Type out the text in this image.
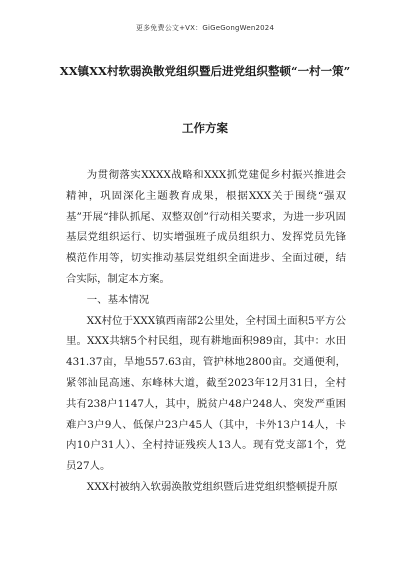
更多免费公文+VX：GiGeGongWen2024
XX镇XX村软弱涣散党组织暨后进党组织整顿“一村一策”
工作方案

为贯彻落实XXXX战略和XXX抓党建促乡村振兴推进会精神，巩固深化主题教育成果，根据XXX关于围绕“强双基”开展“排队抓尾、双整双创”行动相关要求，为进一步巩固基层党组织运行、切实增强班子成员组织力、发挥党员先锋模范作用等，切实推动基层党组织全面进步、全面过硬，结合实际，制定本方案。

一、基本情况

XX村位于XXX镇西南部2公里处，全村国土面积5平方公里。XXX共辖5个村民组，现有耕地面积989亩，其中：水田431.37亩，旱地557.63亩，管护林地2800亩。交通便利，紧邻汕昆高速、东峰林大道，截至2023年12月31日，全村共有238户1147人，其中，脱贫户48户248人、突发严重困难户3户9人、低保户23户45人（其中，卡外13户14人，卡内10户31人）、全村持证残疾人13人。现有党支部1个，党员27人。

XXX村被纳入软弱涣散党组织暨后进党组织整顿提升原
